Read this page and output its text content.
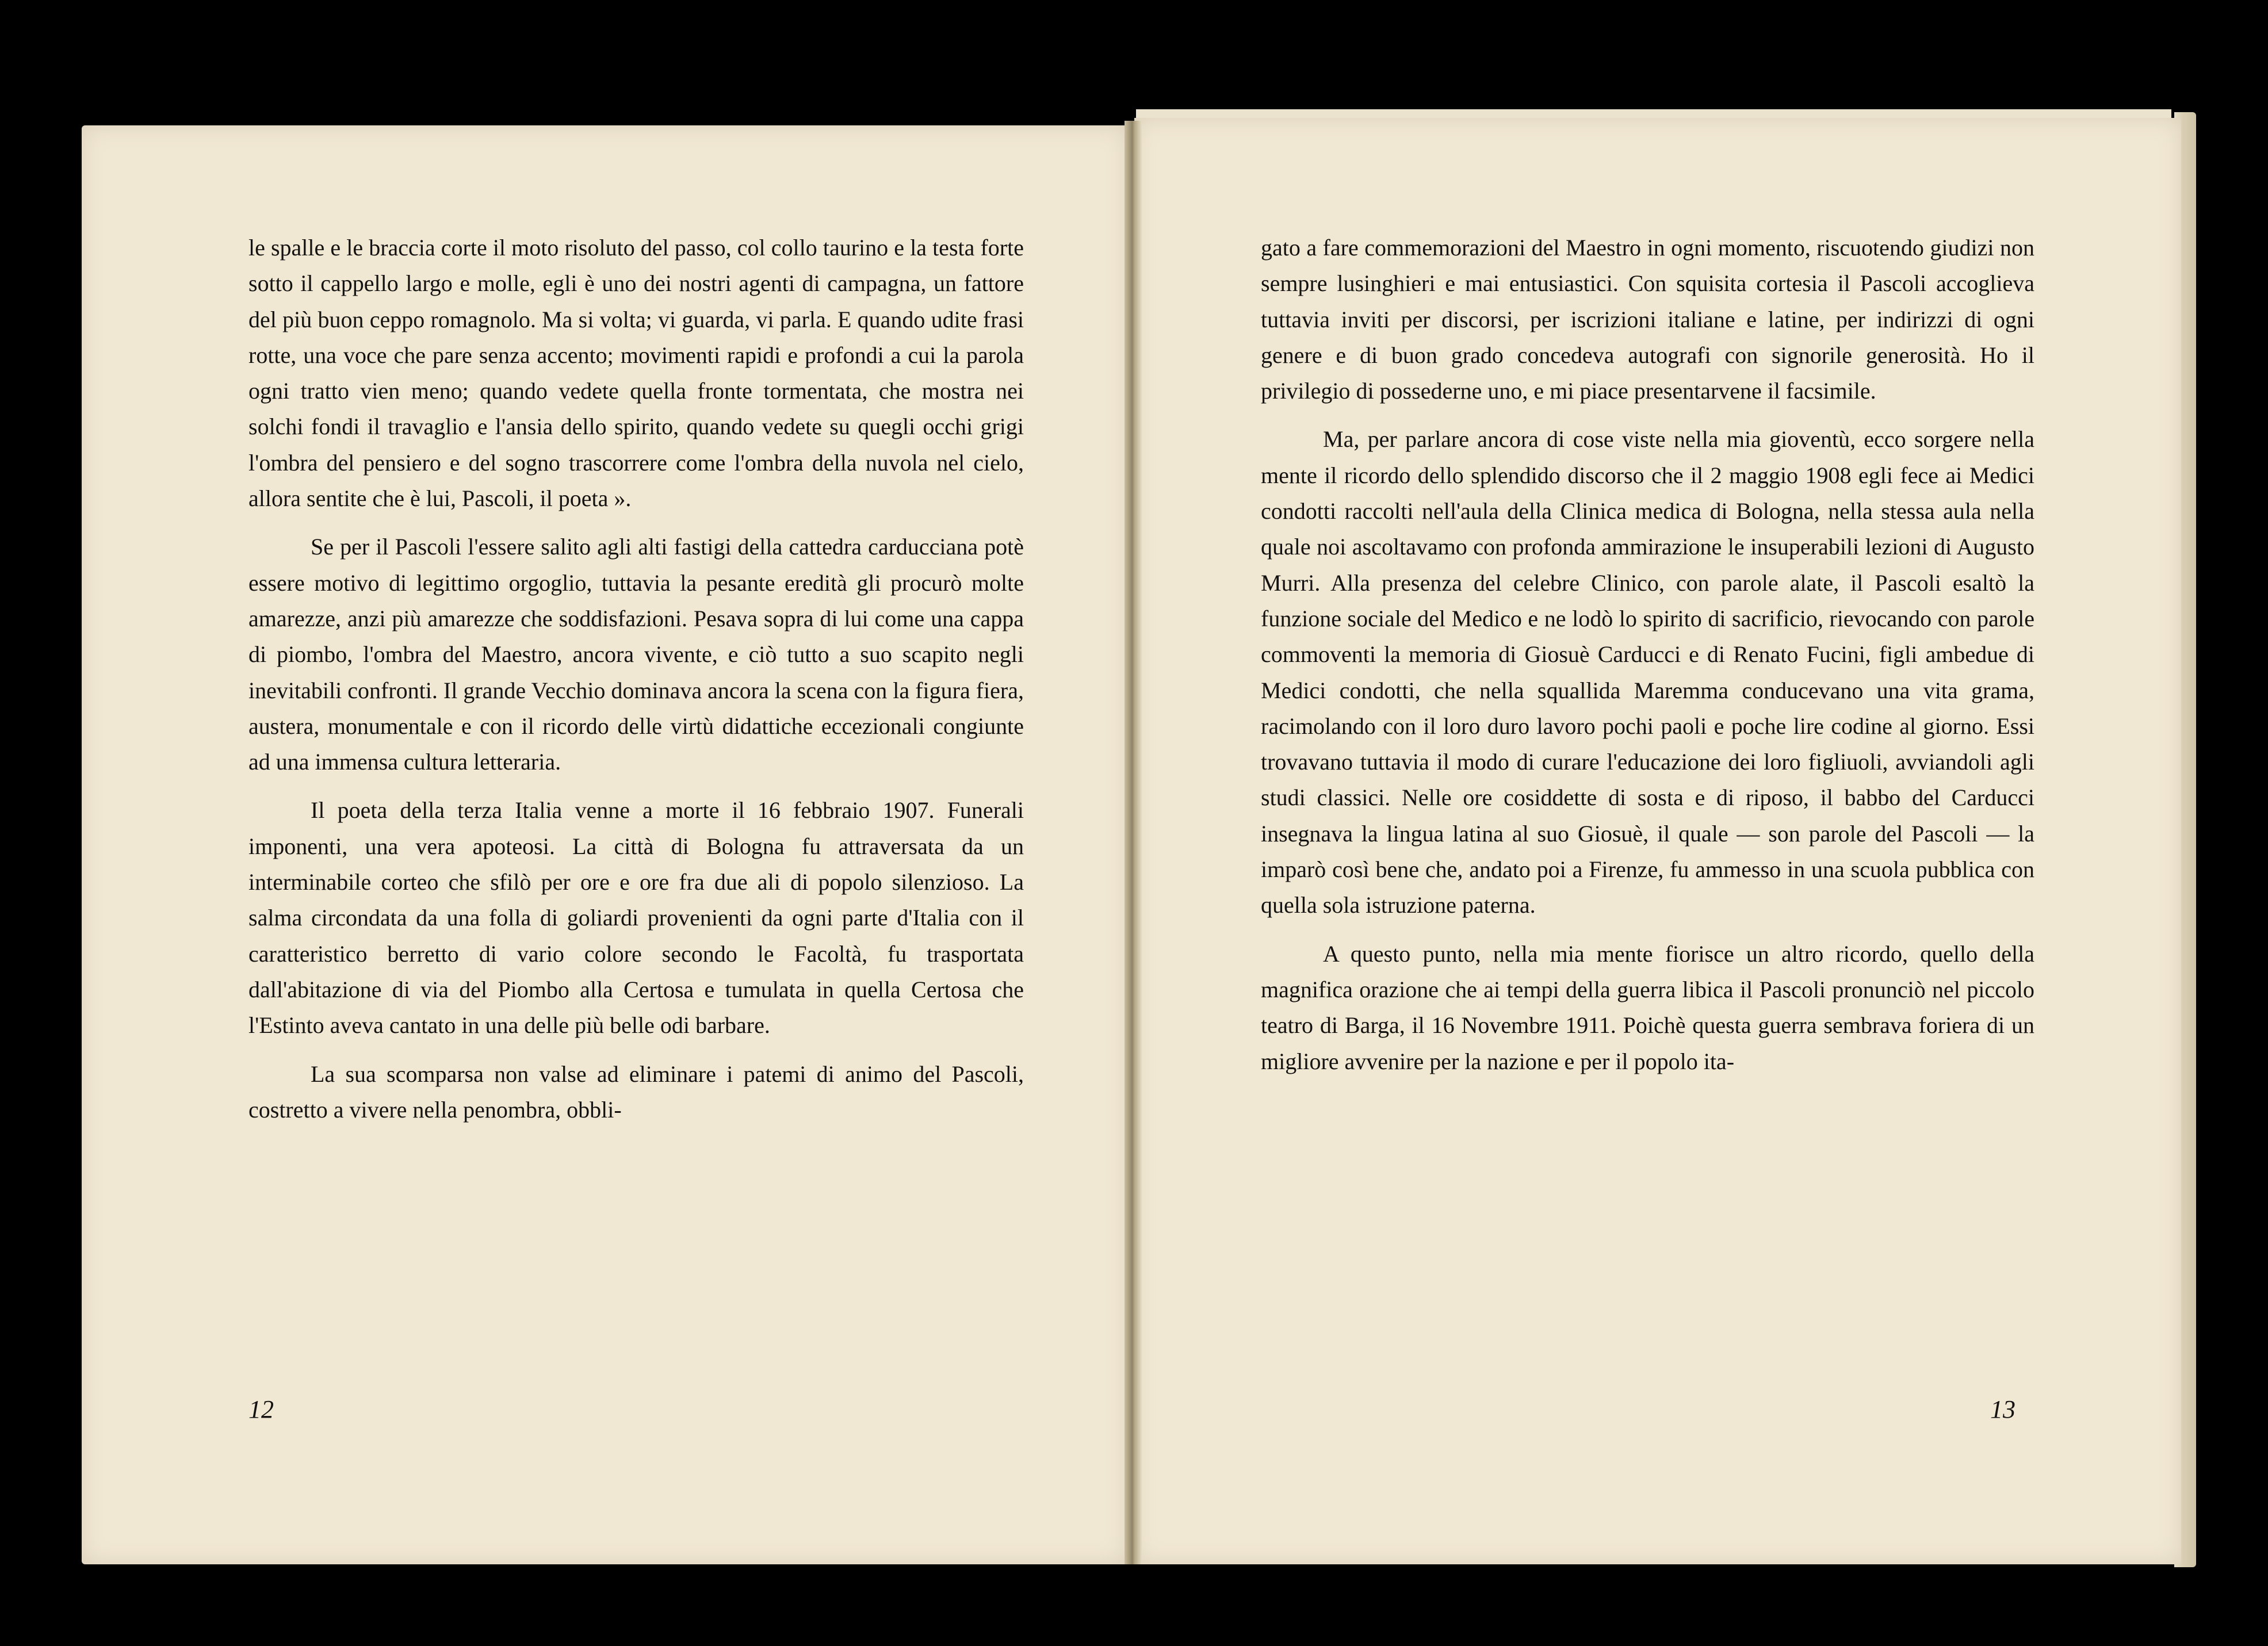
le spalle e le braccia corte il moto risoluto del passo, col collo taurino e la testa forte sotto il cappello largo e molle, egli è uno dei nostri agenti di campagna, un fattore del più buon ceppo romagnolo. Ma si volta; vi guarda, vi parla. E quando udite frasi rotte, una voce che pare senza accento; movimenti rapidi e profondi a cui la parola ogni tratto vien meno; quando vedete quella fronte tormentata, che mostra nei solchi fondi il travaglio e l'ansia dello spirito, quando vedete su quegli occhi grigi l'ombra del pensiero e del sogno trascorrere come l'ombra della nuvola nel cielo, allora sentite che è lui, Pascoli, il poeta ».

Se per il Pascoli l'essere salito agli alti fastigi della cattedra carducciana potè essere motivo di legittimo orgoglio, tuttavia la pesante eredità gli procurò molte amarezze, anzi più amarezze che soddisfazioni. Pesava sopra di lui come una cappa di piombo, l'ombra del Maestro, ancora vivente, e ciò tutto a suo scapito negli inevitabili confronti. Il grande Vecchio dominava ancora la scena con la figura fiera, austera, monumentale e con il ricordo delle virtù didattiche eccezionali congiunte ad una immensa cultura letteraria.

Il poeta della terza Italia venne a morte il 16 febbraio 1907. Funerali imponenti, una vera apoteosi. La città di Bologna fu attraversata da un interminabile corteo che sfilò per ore e ore fra due ali di popolo silenzioso. La salma circondata da una folla di goliardi provenienti da ogni parte d'Italia con il caratteristico berretto di vario colore secondo le Facoltà, fu trasportata dall'abitazione di via del Piombo alla Certosa e tumulata in quella Certosa che l'Estinto aveva cantato in una delle più belle odi barbare.

La sua scomparsa non valse ad eliminare i patemi di animo del Pascoli, costretto a vivere nella penombra, obbli-

gato a fare commemorazioni del Maestro in ogni momento, riscuotendo giudizi non sempre lusinghieri e mai entusiastici. Con squisita cortesia il Pascoli accoglieva tuttavia inviti per discorsi, per iscrizioni italiane e latine, per indirizzi di ogni genere e di buon grado concedeva autografi con signorile generosità. Ho il privilegio di possederne uno, e mi piace presentarvene il facsimile.

Ma, per parlare ancora di cose viste nella mia gioventù, ecco sorgere nella mente il ricordo dello splendido discorso che il 2 maggio 1908 egli fece ai Medici condotti raccolti nell'aula della Clinica medica di Bologna, nella stessa aula nella quale noi ascoltavamo con profonda ammirazione le insuperabili lezioni di Augusto Murri. Alla presenza del celebre Clinico, con parole alate, il Pascoli esaltò la funzione sociale del Medico e ne lodò lo spirito di sacrificio, rievocando con parole commoventi la memoria di Giosuè Carducci e di Renato Fucini, figli ambedue di Medici condotti, che nella squallida Maremma conducevano una vita grama, racimolando con il loro duro lavoro pochi paoli e poche lire codine al giorno. Essi trovavano tuttavia il modo di curare l'educazione dei loro figliuoli, avviandoli agli studi classici. Nelle ore cosiddette di sosta e di riposo, il babbo del Carducci insegnava la lingua latina al suo Giosuè, il quale — son parole del Pascoli — la imparò così bene che, andato poi a Firenze, fu ammesso in una scuola pubblica con quella sola istruzione paterna.

A questo punto, nella mia mente fiorisce un altro ricordo, quello della magnifica orazione che ai tempi della guerra libica il Pascoli pronunciò nel piccolo teatro di Barga, il 16 Novembre 1911. Poichè questa guerra sembrava foriera di un migliore avvenire per la nazione e per il popolo ita-

12	13
